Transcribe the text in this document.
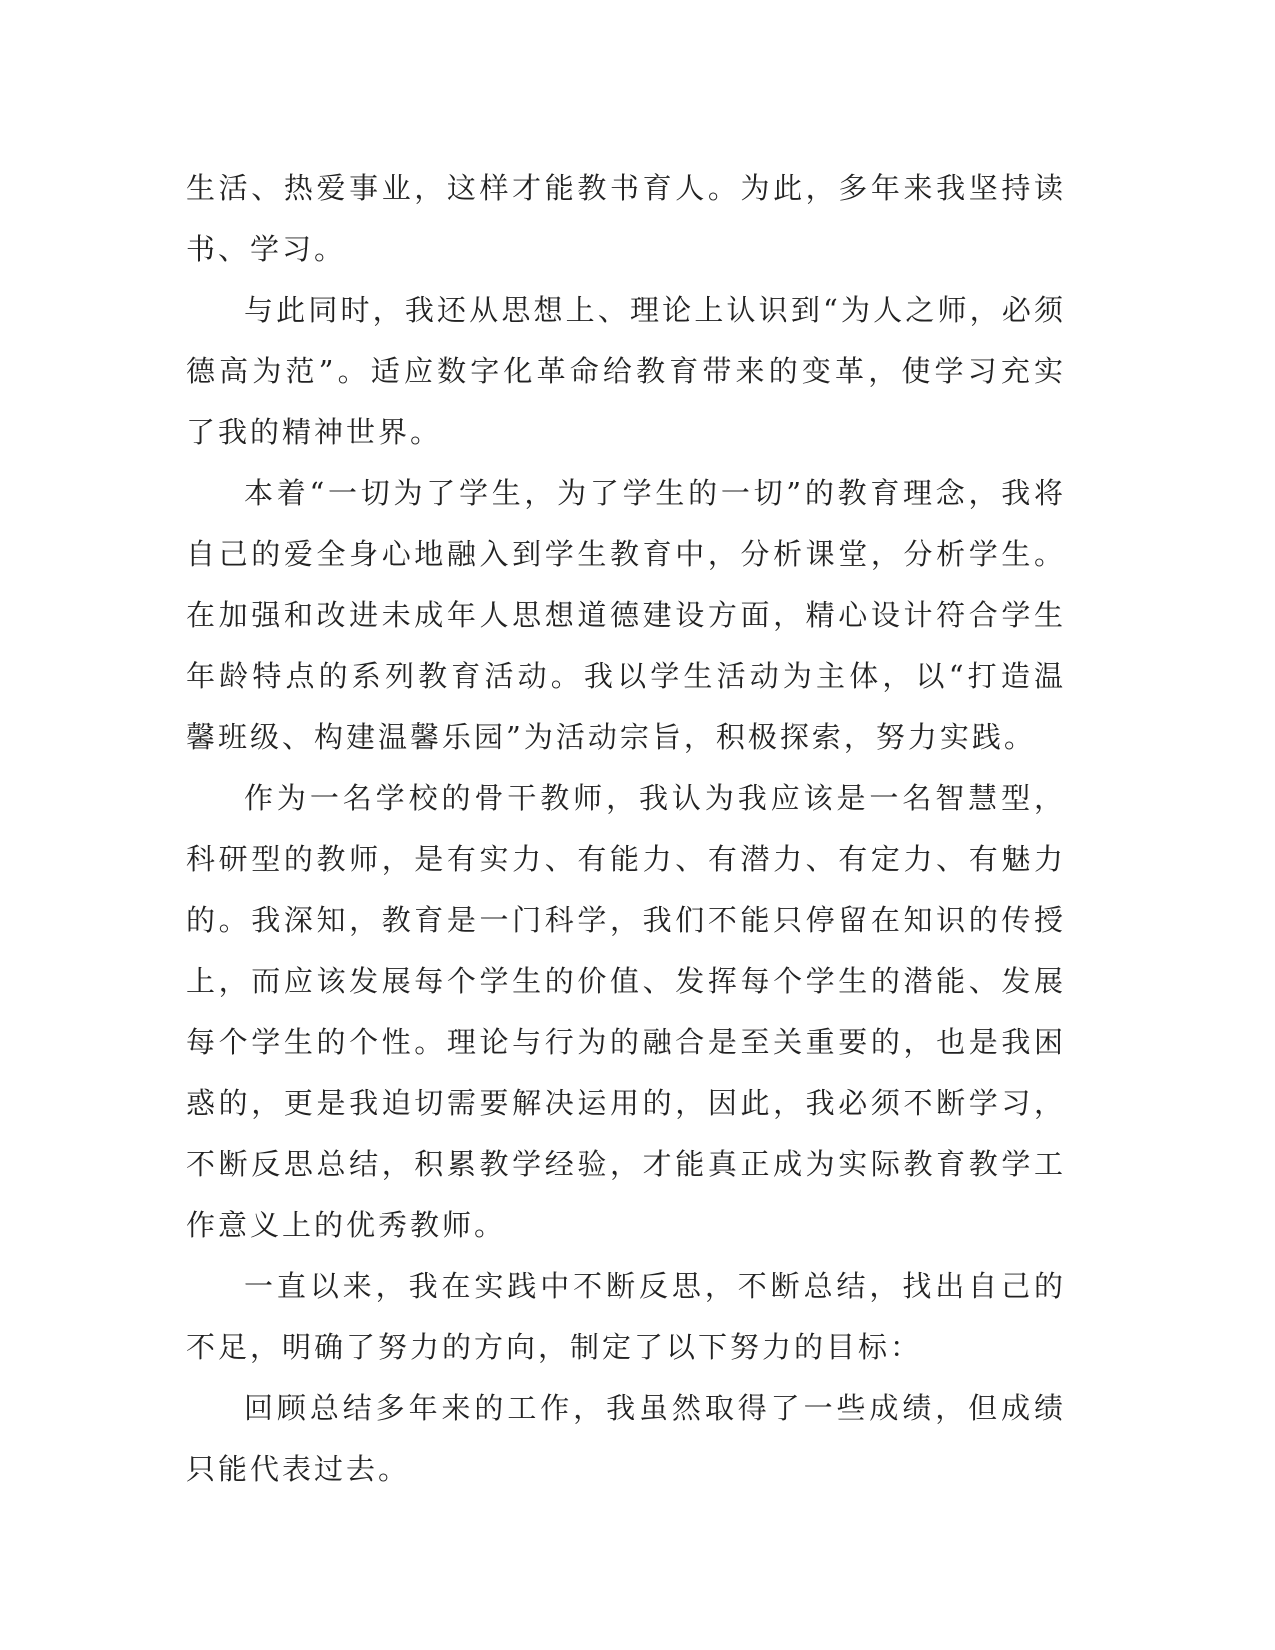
生活、热爱事业，这样才能教书育人。为此，多年来我坚持读书、学习。

与此同时，我还从思想上、理论上认识到“为人之师，必须德高为范”。适应数字化革命给教育带来的变革，使学习充实了我的精神世界。

本着“一切为了学生，为了学生的一切”的教育理念，我将自己的爱全身心地融入到学生教育中，分析课堂，分析学生。在加强和改进未成年人思想道德建设方面，精心设计符合学生年龄特点的系列教育活动。我以学生活动为主体，以“打造温馨班级、构建温馨乐园”为活动宗旨，积极探索，努力实践。

作为一名学校的骨干教师，我认为我应该是一名智慧型，科研型的教师，是有实力、有能力、有潜力、有定力、有魅力的。我深知，教育是一门科学，我们不能只停留在知识的传授上，而应该发展每个学生的价值、发挥每个学生的潜能、发展每个学生的个性。理论与行为的融合是至关重要的，也是我困惑的，更是我迫切需要解决运用的，因此，我必须不断学习，不断反思总结，积累教学经验，才能真正成为实际教育教学工作意义上的优秀教师。

一直以来，我在实践中不断反思，不断总结，找出自己的不足，明确了努力的方向，制定了以下努力的目标：

回顾总结多年来的工作，我虽然取得了一些成绩，但成绩只能代表过去。
